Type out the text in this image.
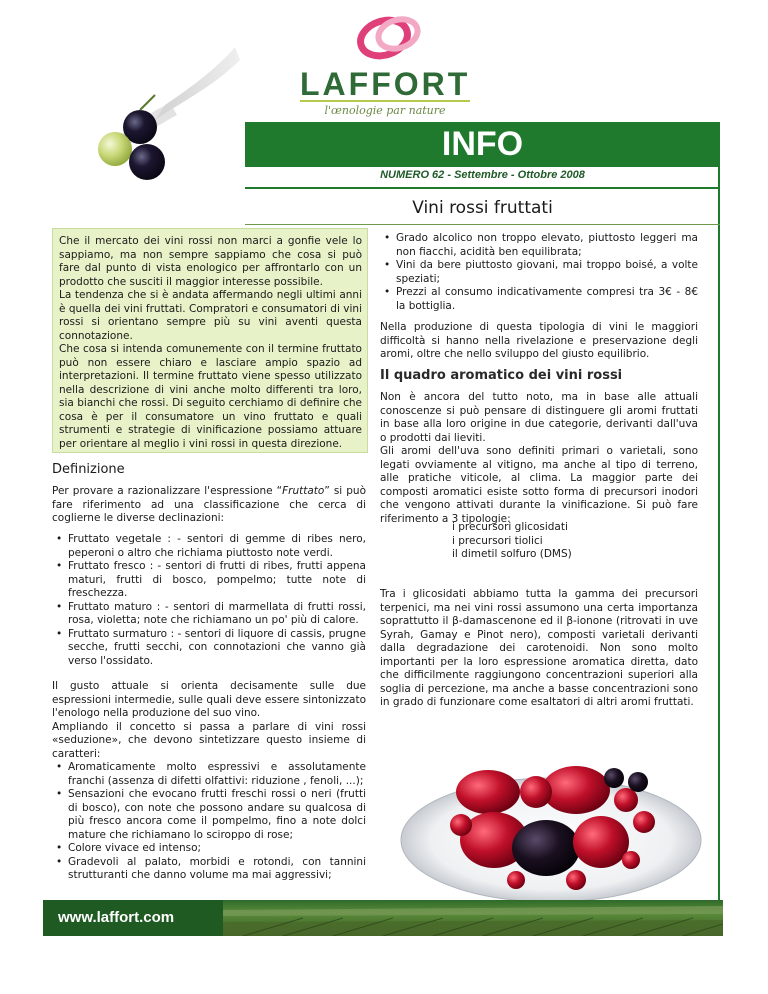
LAFFORT
l'œnologie par nature
INFO
NUMERO 62 - Settembre - Ottobre 2008
Vini rossi fruttati

Che il mercato dei vini rossi non marci a gonfie vele lo sappiamo, ma non sempre sappiamo che cosa si può fare dal punto di vista enologico per affrontarlo con un prodotto che susciti il maggior interesse possibile.

La tendenza che si è andata affermando negli ultimi anni è quella dei vini fruttati. Compratori e consumatori di vini rossi si orientano sempre più su vini aventi questa connotazione.

Che cosa si intenda comunemente con il termine fruttato può non essere chiaro e lasciare ampio spazio ad interpretazioni. Il termine fruttato viene spesso utilizzato nella descrizione di vini anche molto differenti tra loro, sia bianchi che rossi. Di seguito cerchiamo di definire che cosa è per il consumatore un vino fruttato e quali strumenti e strategie di vinificazione possiamo attuare per orientare al meglio i vini rossi in questa direzione.

Definizione
Per provare a razionalizzare l'espressione “Fruttato” si può fare riferimento ad una classificazione che cerca di coglierne le diverse declinazioni:
• Fruttato vegetale : - sentori di gemme di ribes nero, peperoni o altro che richiama piuttosto note verdi.
• Fruttato fresco : - sentori di frutti di ribes, frutti appena maturi, frutti di bosco, pompelmo; tutte note di freschezza.
• Fruttato maturo : - sentori di marmellata di frutti rossi, rosa, violetta; note che richiamano un po' più di calore.
• Fruttato surmaturo : - sentori di liquore di cassis, prugne secche, frutti secchi, con connotazioni che vanno già verso l'ossidato.

Il gusto attuale si orienta decisamente sulle due espressioni intermedie, sulle quali deve essere sintonizzato l'enologo nella produzione del suo vino.

Ampliando il concetto si passa a parlare di vini rossi «seduzione», che devono sintetizzare questo insieme di caratteri:

• Aromaticamente molto espressivi e assolutamente franchi (assenza di difetti olfattivi: riduzione , fenoli, ...);
• Sensazioni che evocano frutti freschi rossi o neri (frutti di bosco), con note che possono andare su qualcosa di più fresco ancora come il pompelmo, fino a note dolci mature che richiamano lo sciroppo di rose;
• Colore vivace ed intenso;
• Gradevoli al palato, morbidi e rotondi, con tannini strutturanti che danno volume ma mai aggressivi;
• Grado alcolico non troppo elevato, piuttosto leggeri ma non fiacchi, acidità ben equilibrata;
• Vini da bere piuttosto giovani, mai troppo boisé, a volte speziati;
• Prezzi al consumo indicativamente compresi tra 3€ - 8€ la bottiglia.
Nella produzione di questa tipologia di vini le maggiori difficoltà si hanno nella rivelazione e preservazione degli aromi, oltre che nello sviluppo del giusto equilibrio.
Il quadro aromatico dei vini rossi

Non è ancora del tutto noto, ma in base alle attuali conoscenze si può pensare di distinguere gli aromi fruttati in base alla loro origine in due categorie, derivanti dall'uva o prodotti dai lieviti.

Gli aromi dell'uva sono definiti primari o varietali, sono legati ovviamente al vitigno, ma anche al tipo di terreno, alle pratiche viticole, al clima. La maggior parte dei composti aromatici esiste sotto forma di precursori inodori che vengono attivati durante la vinificazione. Si può fare riferimento a 3 tipologie:

i precursori glicosidati
i precursori tiolici
il dimetil solfuro (DMS)
Tra i glicosidati abbiamo tutta la gamma dei precursori terpenici, ma nei vini rossi assumono una certa importanza soprattutto il β-damascenone ed il β-ionone (ritrovati in uve Syrah, Gamay e Pinot nero), composti varietali derivanti dalla degradazione dei carotenoidi. Non sono molto importanti per la loro espressione aromatica diretta, dato che difficilmente raggiungono concentrazioni superiori alla soglia di percezione, ma anche a basse concentrazioni sono in grado di funzionare come esaltatori di altri aromi fruttati.
www.laffort.com
